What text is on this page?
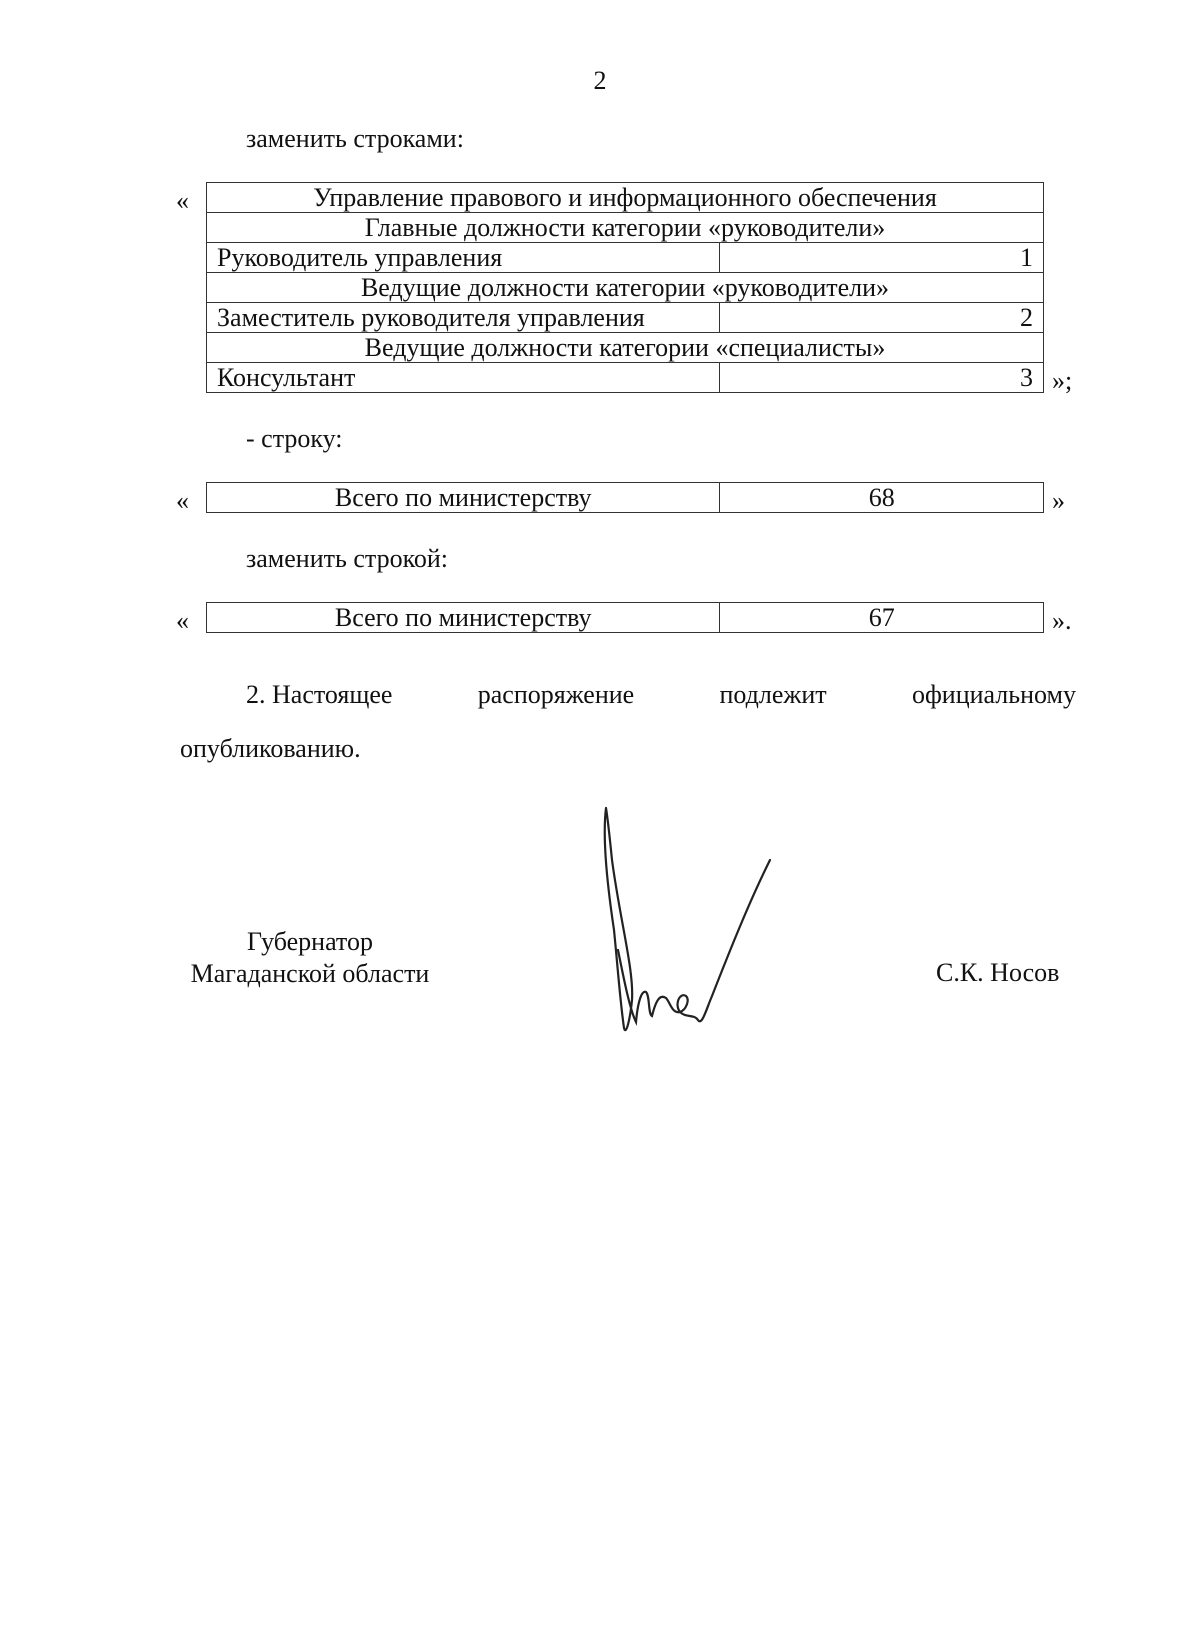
2
заменить строками:
«	Управление правового и информационного обеспечения	
Главные должности категории «руководители»	
Руководитель управления	1
Ведущие должности категории «руководители»	
Заместитель руководителя управления	2
Ведущие должности категории «специалисты»	
Консультант	3 »;
- строку:
«	Всего по министерству	68	»
заменить строкой:
«	Всего по министерству	67	».
2. Настоящее	распоряжение	подлежит	официальному
опубликованию.
Губернатор
Магаданской области	С.К. Носов
